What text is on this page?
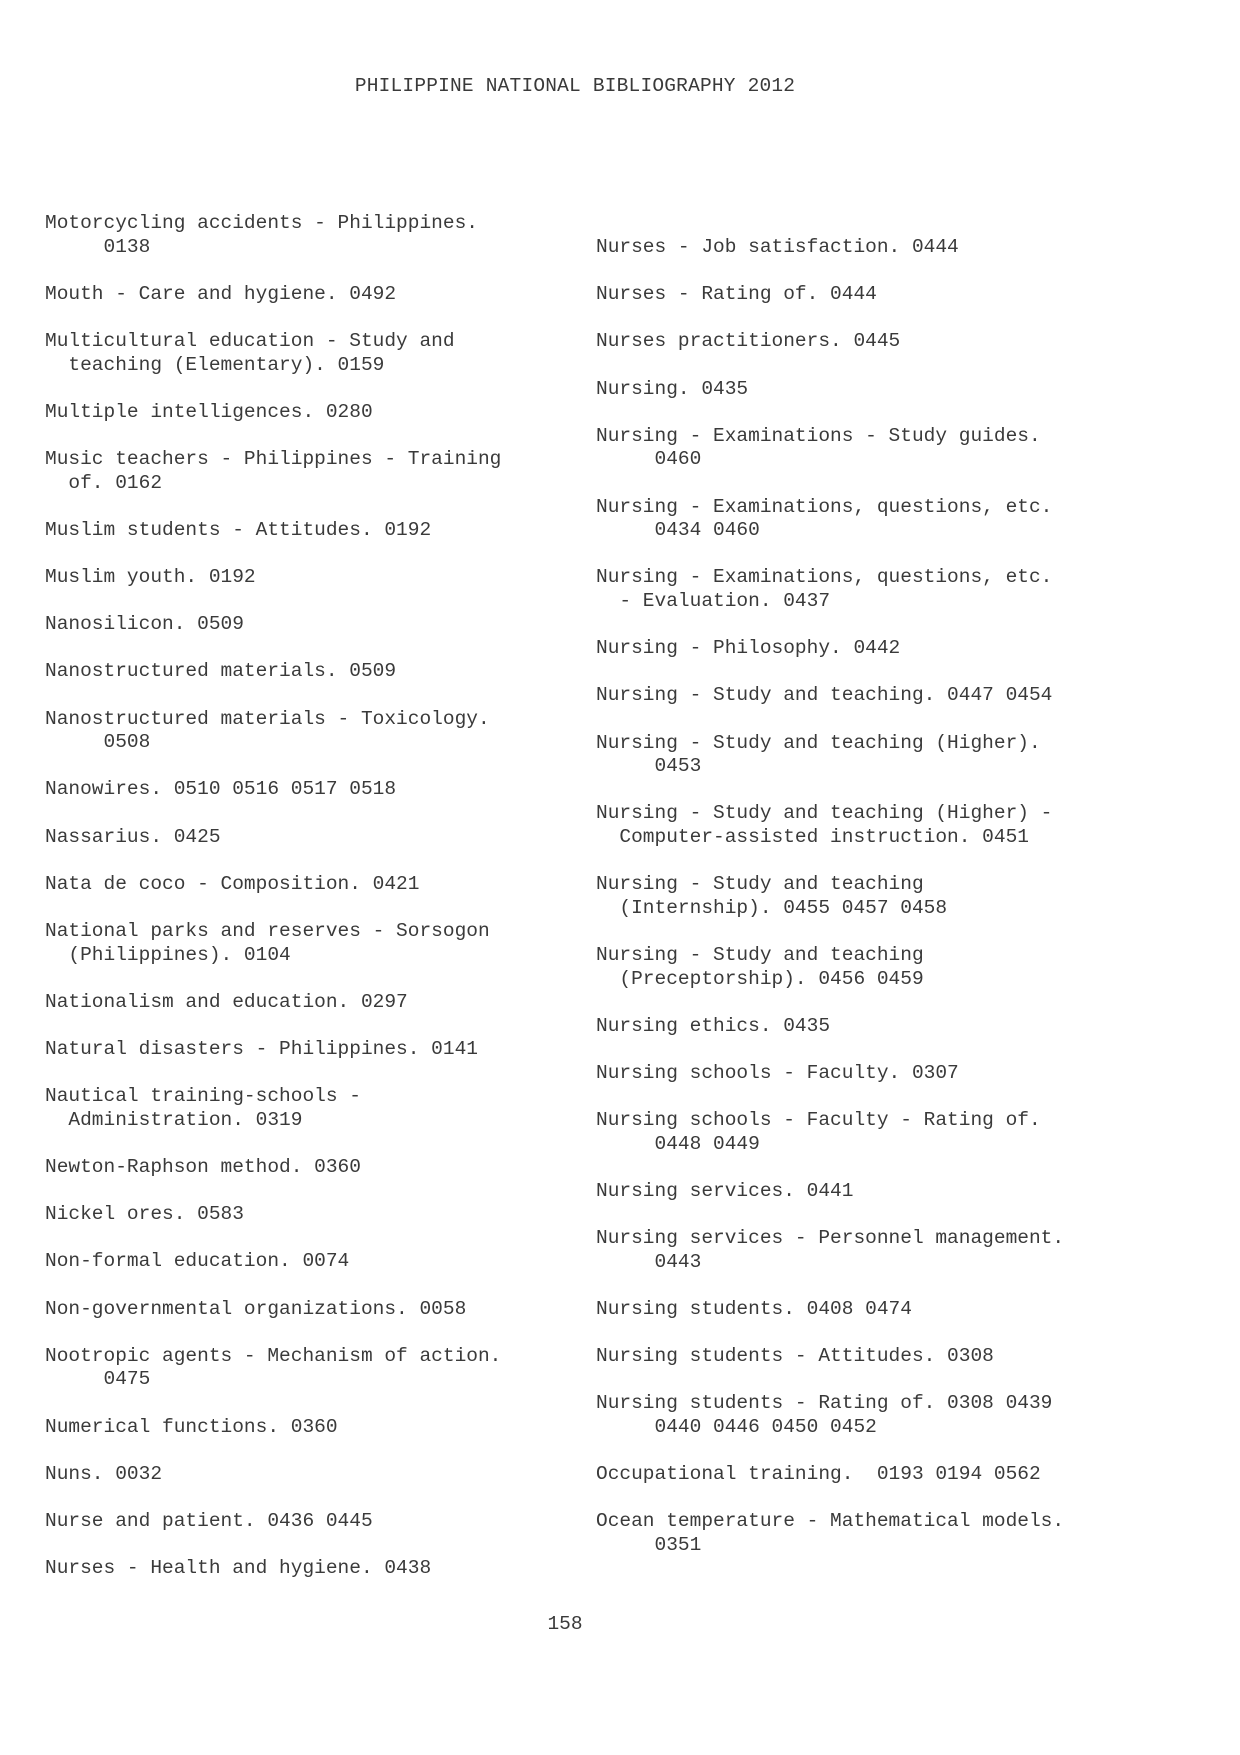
PHILIPPINE NATIONAL BIBLIOGRAPHY 2012
Motorcycling accidents - Philippines.
0138
Mouth - Care and hygiene. 0492
Multicultural education - Study and
teaching (Elementary). 0159
Multiple intelligences. 0280
Music teachers - Philippines - Training
of. 0162
Muslim students - Attitudes. 0192
Muslim youth. 0192
Nanosilicon. 0509
Nanostructured materials. 0509
Nanostructured materials - Toxicology.
0508
Nanowires. 0510 0516 0517 0518
Nassarius. 0425
Nata de coco - Composition. 0421
National parks and reserves - Sorsogon
(Philippines). 0104
Nationalism and education. 0297
Natural disasters - Philippines. 0141
Nautical training-schools -
Administration. 0319
Newton-Raphson method. 0360
Nickel ores. 0583
Non-formal education. 0074
Non-governmental organizations. 0058
Nootropic agents - Mechanism of action.
0475
Numerical functions. 0360
Nuns. 0032
Nurse and patient. 0436 0445
Nurses - Health and hygiene. 0438
Nurses - Job satisfaction. 0444
Nurses - Rating of. 0444
Nurses practitioners. 0445
Nursing. 0435
Nursing - Examinations - Study guides.
0460
Nursing - Examinations, questions, etc.
0434 0460
Nursing - Examinations, questions, etc.
- Evaluation. 0437
Nursing - Philosophy. 0442
Nursing - Study and teaching. 0447 0454
Nursing - Study and teaching (Higher).
0453
Nursing - Study and teaching (Higher) -
Computer-assisted instruction. 0451
Nursing - Study and teaching
(Internship). 0455 0457 0458
Nursing - Study and teaching
(Preceptorship). 0456 0459
Nursing ethics. 0435
Nursing schools - Faculty. 0307
Nursing schools - Faculty - Rating of.
0448 0449
Nursing services. 0441
Nursing services - Personnel management.
0443
Nursing students. 0408 0474
Nursing students - Attitudes. 0308
Nursing students - Rating of. 0308 0439
0440 0446 0450 0452
Occupational training.  0193 0194 0562
Ocean temperature - Mathematical models.
0351
158
